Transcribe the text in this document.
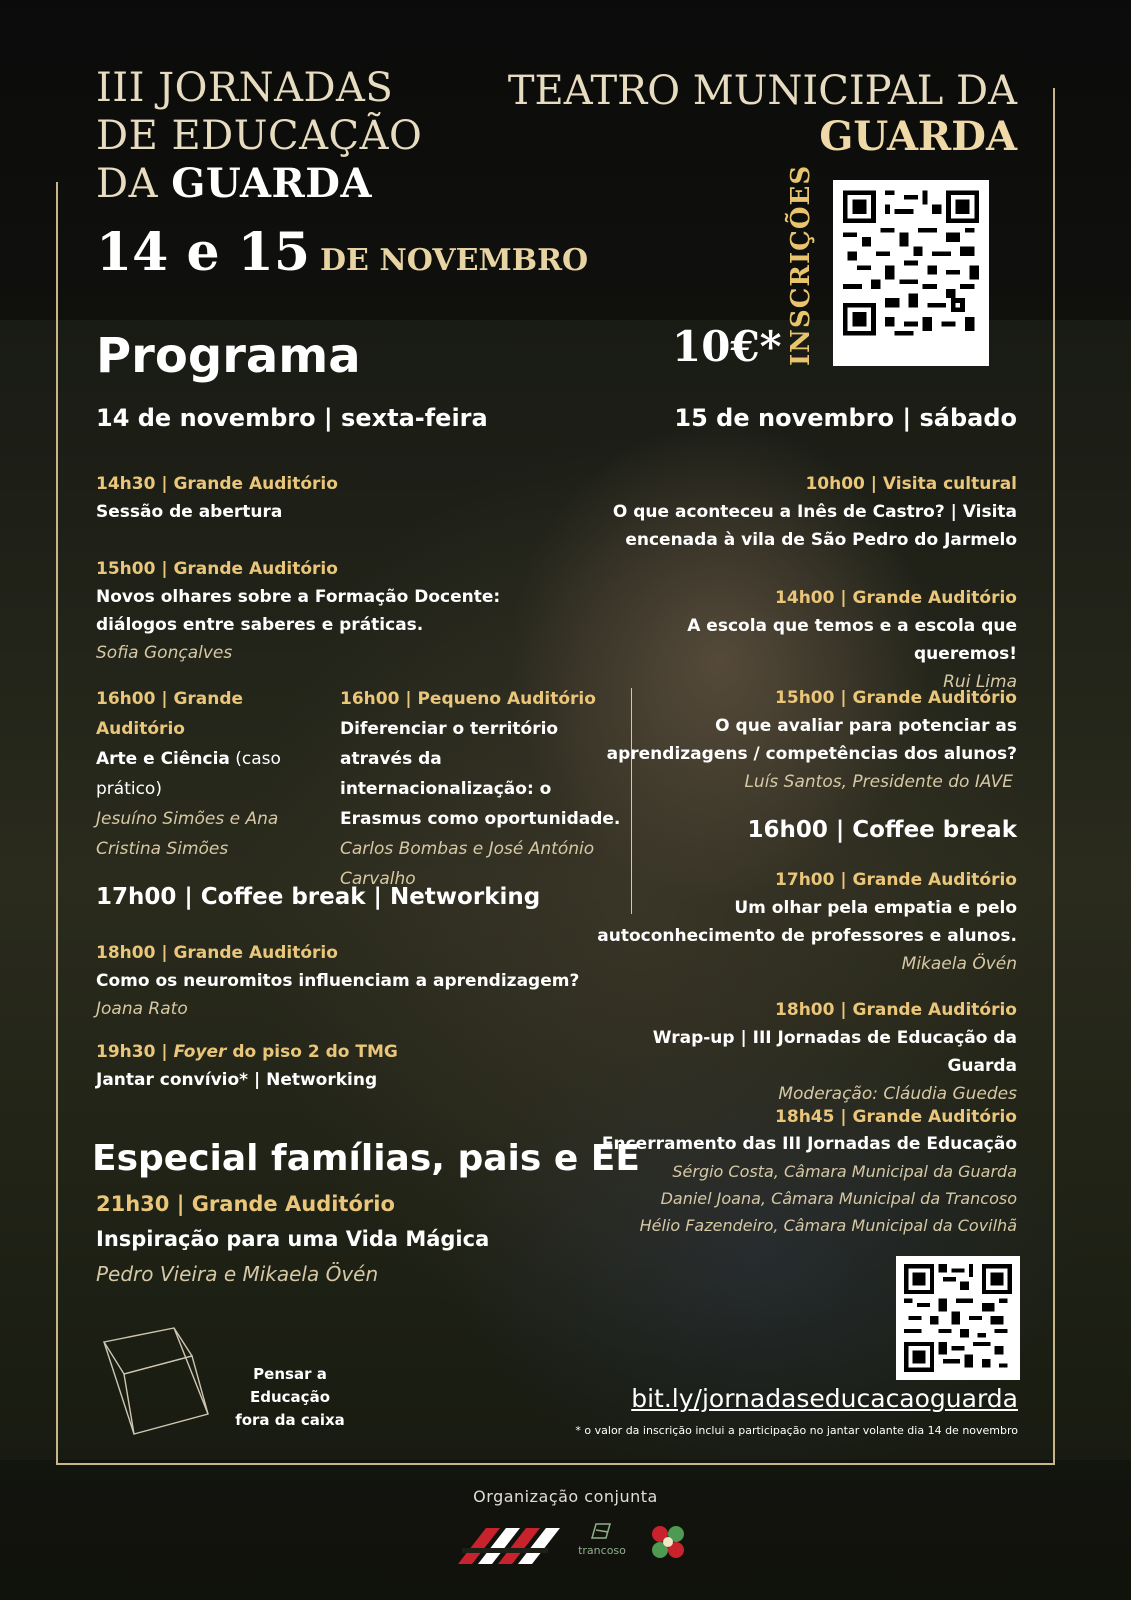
III JORNADAS
DE EDUCAÇÃO
DA GUARDA
14 e 15 DE NOVEMBRO
TEATRO MUNICIPAL DA
GUARDA
INSCRIÇÕES
10€*
Programa
14 de novembro | sexta-feira	15 de novembro | sábado
14h30 | Grande Auditório
Sessão de abertura
15h00 | Grande Auditório
Novos olhares sobre a Formação Docente:
diálogos entre saberes e práticas.
Sofia Gonçalves
16h00 | Grande Auditório
Arte e Ciência (caso prático)
Jesuíno Simões e Ana Cristina Simões
16h00 | Pequeno Auditório
Diferenciar o território através da internacionalização: o Erasmus como oportunidade.
Carlos Bombas e José António Carvalho
17h00 | Coffee break | Networking
18h00 | Grande Auditório
Como os neuromitos influenciam a aprendizagem?
Joana Rato
19h30 | Foyer do piso 2 do TMG
Jantar convívio* | Networking
10h00 | Visita cultural
O que aconteceu a Inês de Castro? | Visita
encenada à vila de São Pedro do Jarmelo
14h00 | Grande Auditório
A escola que temos e a escola que queremos!
Rui Lima
15h00 | Grande Auditório
O que avaliar para potenciar as
aprendizagens / competências dos alunos?
Luís Santos, Presidente do IAVE
16h00 | Coffee break
17h00 | Grande Auditório
Um olhar pela empatia e pelo
autoconhecimento de professores e alunos.
Mikaela Övén
18h00 | Grande Auditório
Wrap-up | III Jornadas de Educação da Guarda
Moderação: Cláudia Guedes
18h45 | Grande Auditório
Encerramento das III Jornadas de Educação
Sérgio Costa, Câmara Municipal da Guarda
Daniel Joana, Câmara Municipal da Trancoso
Hélio Fazendeiro, Câmara Municipal da Covilhã
Especial famílias, pais e EE
21h30 | Grande Auditório
Inspiração para uma Vida Mágica
Pedro Vieira e Mikaela Övén
Pensar a Educação
fora da caixa
bit.ly/jornadaseducacaoguarda
* o valor da inscrição inclui a participação no jantar volante dia 14 de novembro
Organização conjunta
trancoso
